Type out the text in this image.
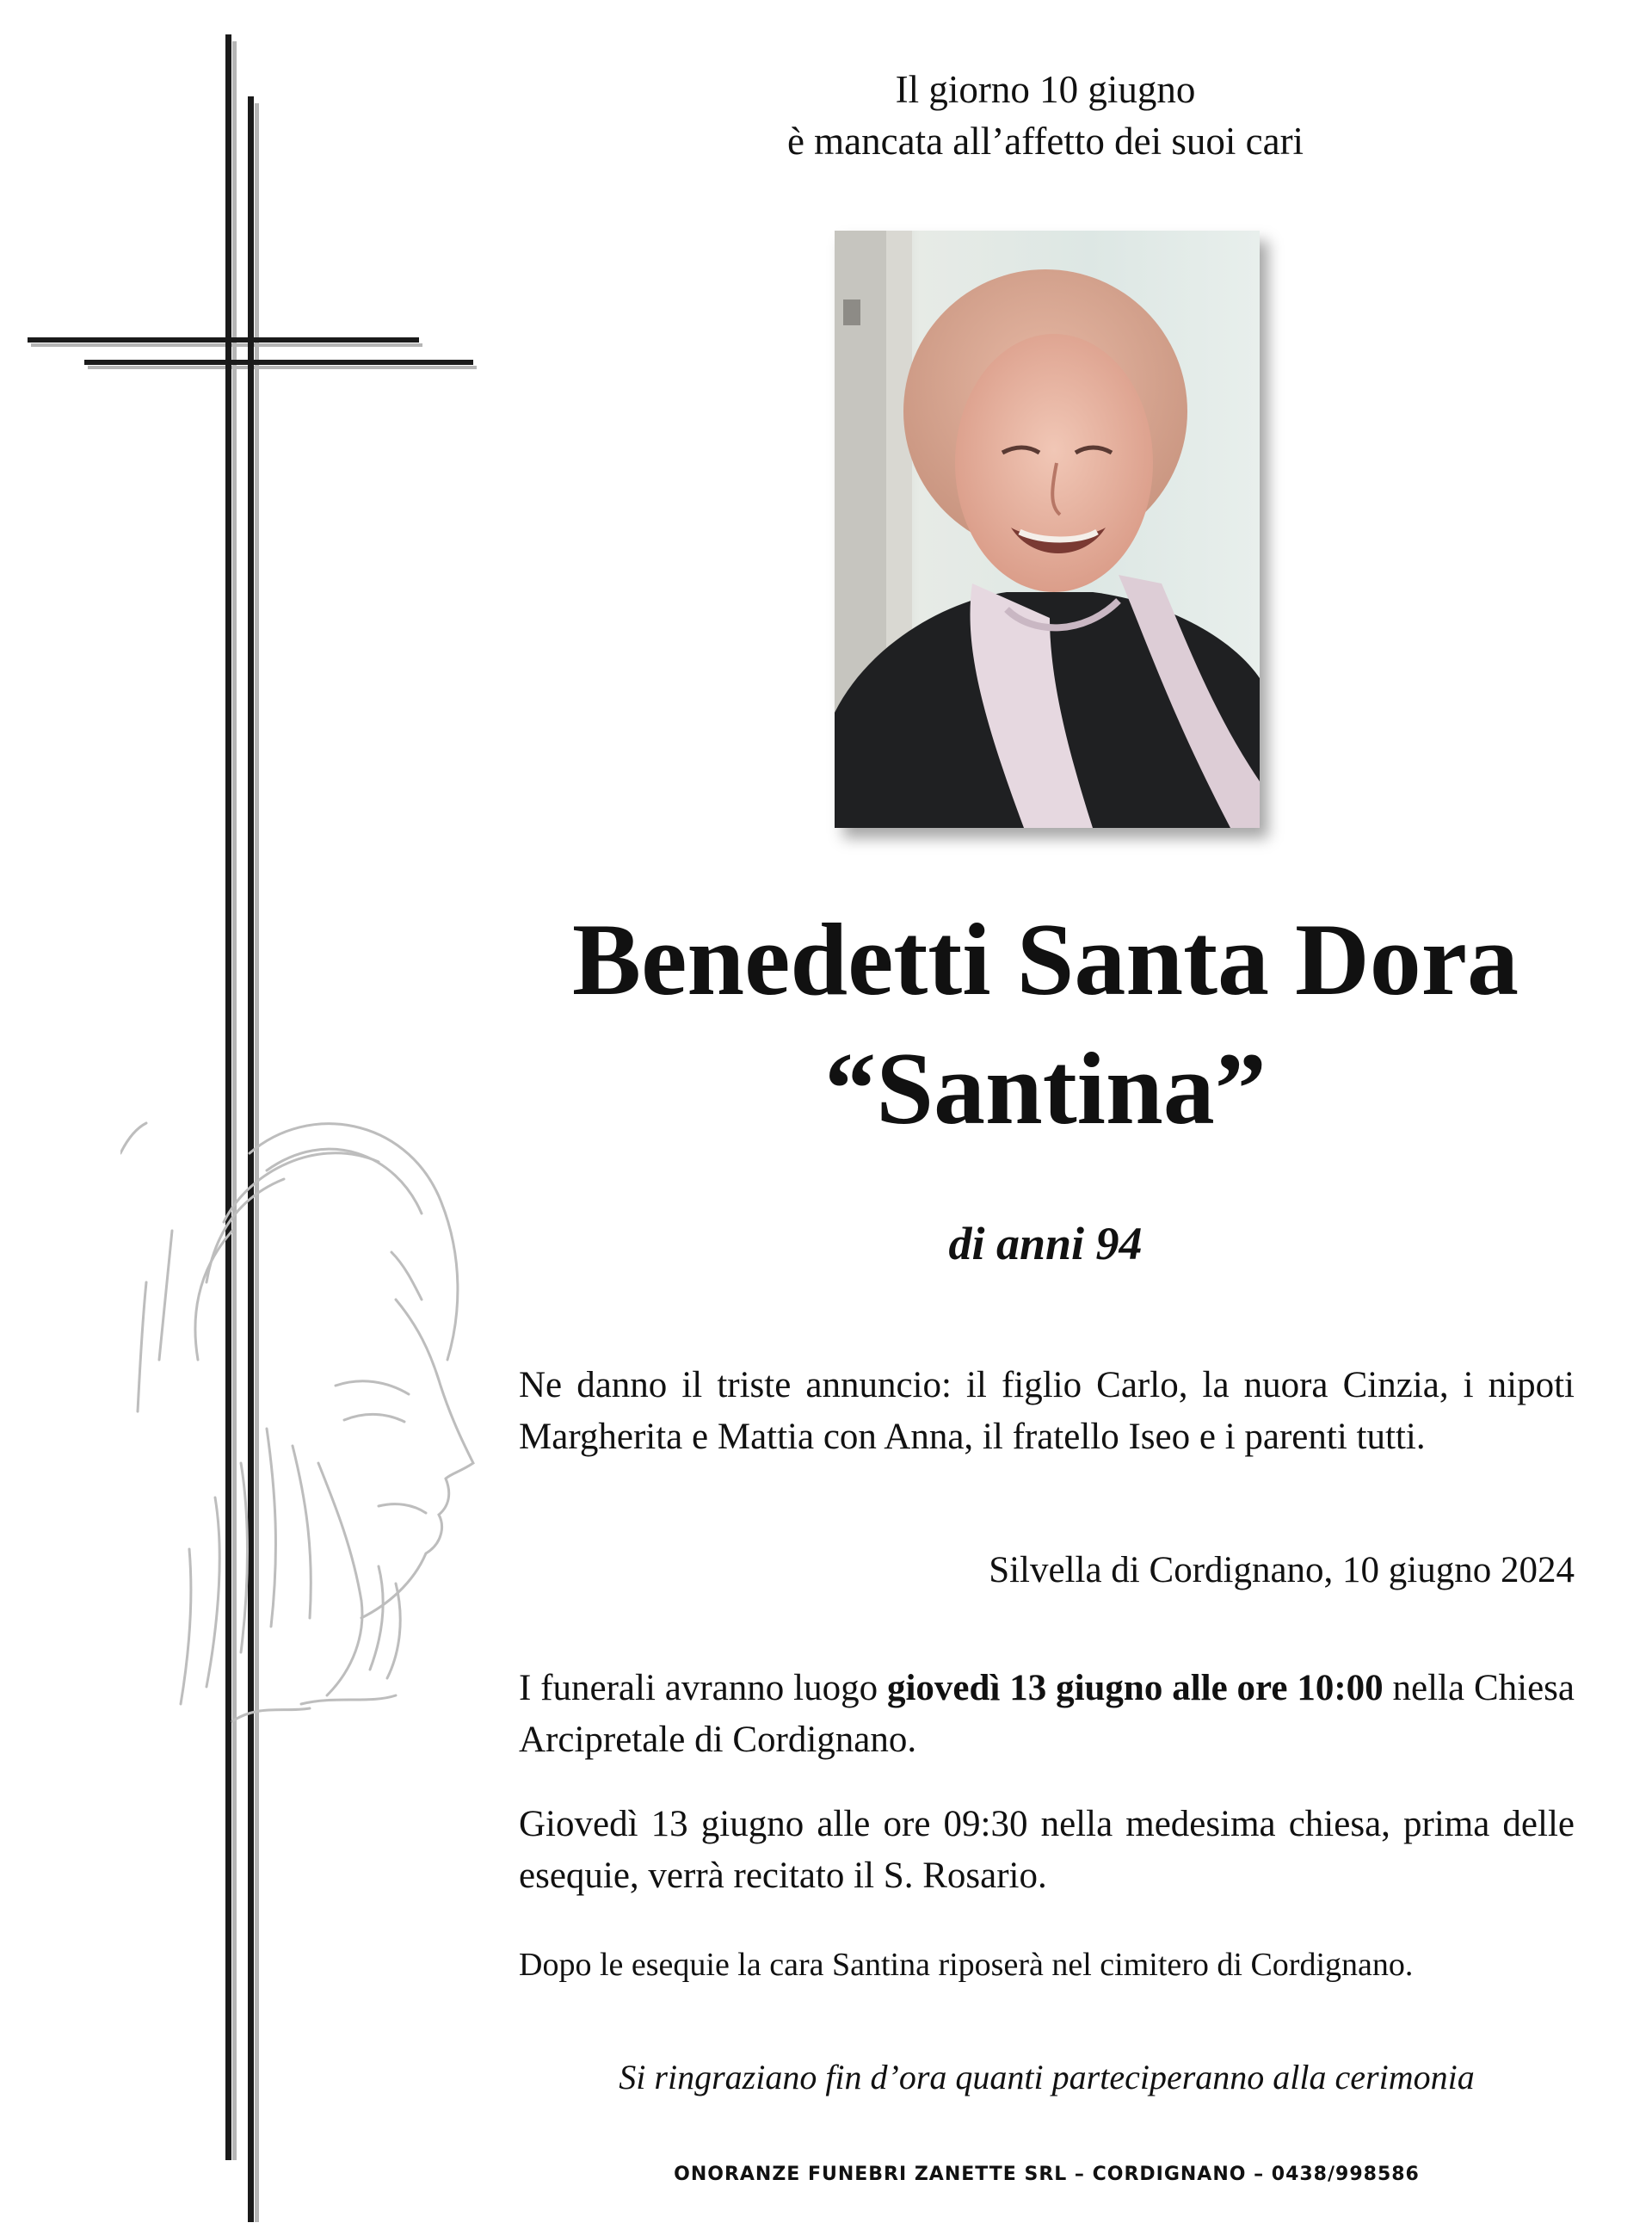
Il giorno 10 giugno
è mancata all’affetto dei suoi cari
Benedetti Santa Dora
“Santina”
di anni 94
Ne danno il triste annuncio: il figlio Carlo, la nuora Cinzia, i nipoti Margherita e Mattia con Anna, il fratello Iseo e i parenti tutti.
Silvella di Cordignano, 10 giugno 2024
I funerali avranno luogo giovedì 13 giugno alle ore 10:00 nella Chiesa Arcipretale di Cordignano.
Giovedì 13 giugno alle ore 09:30 nella medesima chiesa, prima delle esequie, verrà recitato il S. Rosario.
Dopo le esequie la cara Santina riposerà nel cimitero di Cordignano.
Si ringraziano fin d’ora quanti parteciperanno alla cerimonia
ONORANZE FUNEBRI ZANETTE SRL – CORDIGNANO – 0438/998586
